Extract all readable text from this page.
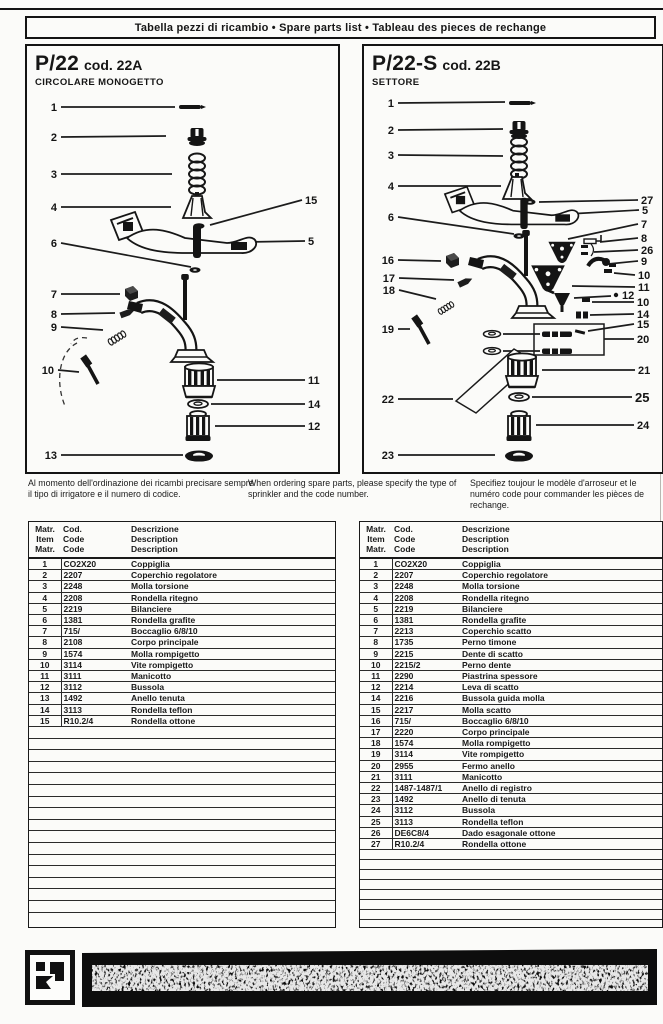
Tabella pezzi di ricambio • Spare parts list • Tableau des pieces de rechange
P/22 cod. 22A
CIRCOLARE MONOGETTO
1
2
3
4
15
5
6
7
8
9
10
11
14
12
13
P/22-S cod. 22B
SETTORE
1
2
3
4
6
16
17
18
19
22
23
27
5
7
8
26
9
10
11
12
10
14
15
20
21
25
24
Al momento dell'ordinazione dei ricambi precisare sempre il tipo di irrigatore e il numero di codice.
When ordering spare parts, please specify the type of sprinkler and the code number.
Specifiez toujour le modèle d'arroseur et le numéro code pour commander les pièces de rechange.
Matr.
Item
Matr.

Cod.
Code
Code

Descrizione
Description
Description

1	CO2X20	Coppiglia
2	2207	Coperchio regolatore
3	2248	Molla torsione
4	2208	Rondella ritegno
5	2219	Bilanciere
6	1381	Rondella grafite
7	715/	Boccaglio 6/8/10
8	2108	Corpo principale
9	1574	Molla rompigetto
10	3114	Vite rompigetto
11	3111	Manicotto
12	3112	Bussola
13	1492	Anello tenuta
14	3113	Rondella teflon
15	R10.2/4	Rondella ottone

Matr.
Item
Matr.

Cod.
Code
Code

Descrizione
Description
Description

1	CO2X20	Coppiglia
2	2207	Coperchio regolatore
3	2248	Molla torsione
4	2208	Rondella ritegno
5	2219	Bilanciere
6	1381	Rondella grafite
7	2213	Coperchio scatto
8	1735	Perno timone
9	2215	Dente di scatto
10	2215/2	Perno dente
11	2290	Piastrina spessore
12	2214	Leva di scatto
14	2216	Bussola guida molla
15	2217	Molla scatto
16	715/	Boccaglio 6/8/10
17	2220	Corpo principale
18	1574	Molla rompigetto
19	3114	Vite rompigetto
20	2955	Fermo anello
21	3111	Manicotto
22	1487-1487/1	Anello di registro
23	1492	Anello di tenuta
24	3112	Bussola
25	3113	Rondella teflon
26	DE6C8/4	Dado esagonale ottone
27	R10.2/4	Rondella ottone
